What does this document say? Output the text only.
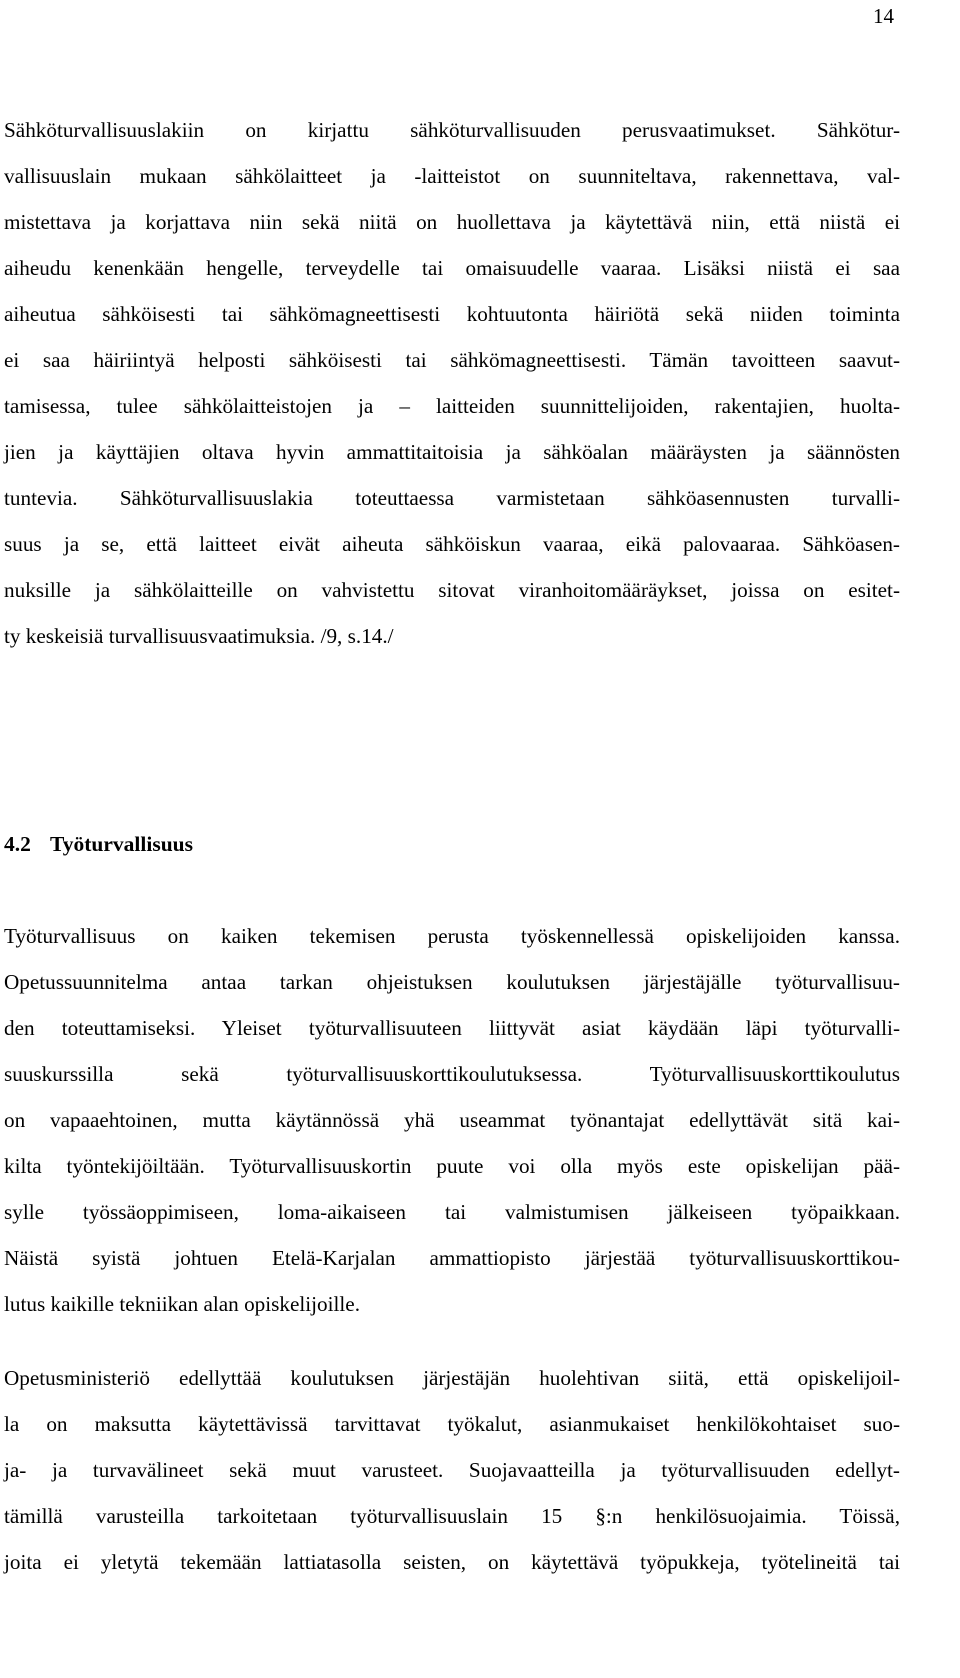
14
Sähköturvallisuuslakiin on kirjattu sähköturvallisuuden perusvaatimukset. Sähkötur-
vallisuuslain mukaan sähkölaitteet ja -laitteistot on suunniteltava, rakennettava, val-
mistettava ja korjattava niin sekä niitä on huollettava ja käytettävä niin, että niistä ei
aiheudu kenenkään hengelle, terveydelle tai omaisuudelle vaaraa. Lisäksi niistä ei saa
aiheutua sähköisesti tai sähkömagneettisesti kohtuutonta häiriötä sekä niiden toiminta
ei saa häiriintyä helposti sähköisesti tai sähkömagneettisesti. Tämän tavoitteen saavut-
tamisessa, tulee sähkölaitteistojen ja – laitteiden suunnittelijoiden, rakentajien, huolta-
jien ja käyttäjien oltava hyvin ammattitaitoisia ja sähköalan määräysten ja säännösten
tuntevia. Sähköturvallisuuslakia toteuttaessa varmistetaan sähköasennusten turvalli-
suus ja se, että laitteet eivät aiheuta sähköiskun vaaraa, eikä palovaaraa. Sähköasen-
nuksille ja sähkölaitteille on vahvistettu sitovat viranhoitomääräykset, joissa on esitet-
ty keskeisiä turvallisuusvaatimuksia. /9, s.14./
4.2 Työturvallisuus
Työturvallisuus on kaiken tekemisen perusta työskennellessä opiskelijoiden kanssa.
Opetussuunnitelma antaa tarkan ohjeistuksen koulutuksen järjestäjälle työturvallisuu-
den toteuttamiseksi. Yleiset työturvallisuuteen liittyvät asiat käydään läpi työturvalli-
suuskurssilla sekä työturvallisuuskorttikoulutuksessa. Työturvallisuuskorttikoulutus
on vapaaehtoinen, mutta käytännössä yhä useammat työnantajat edellyttävät sitä kai-
kilta työntekijöiltään. Työturvallisuuskortin puute voi olla myös este opiskelijan pää-
sylle työssäoppimiseen, loma-aikaiseen tai valmistumisen jälkeiseen työpaikkaan.
Näistä syistä johtuen Etelä-Karjalan ammattiopisto järjestää työturvallisuuskorttikou-
lutus kaikille tekniikan alan opiskelijoille.
Opetusministeriö edellyttää koulutuksen järjestäjän huolehtivan siitä, että opiskelijoil-
la on maksutta käytettävissä tarvittavat työkalut, asianmukaiset henkilökohtaiset suo-
ja- ja turvavälineet sekä muut varusteet. Suojavaatteilla ja työturvallisuuden edellyt-
tämillä varusteilla tarkoitetaan työturvallisuuslain 15 §:n henkilösuojaimia. Töissä,
joita ei yletytä tekemään lattiatasolla seisten, on käytettävä työpukkeja, työtelineitä tai
